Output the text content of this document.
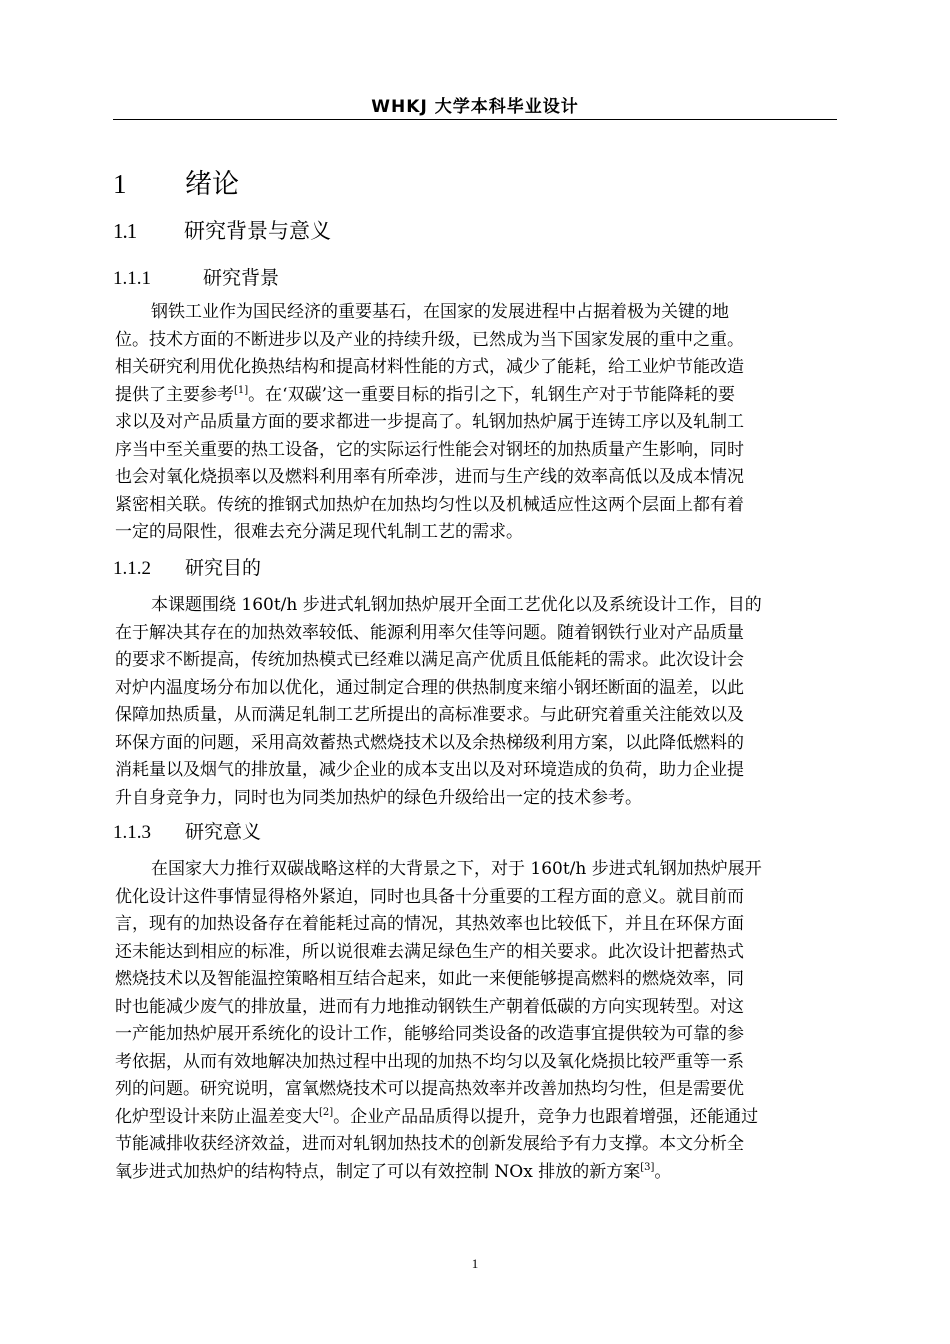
WHKJ 大学本科毕业设计
1 绪论
1.1 研究背景与意义
1.1.1	研究背景
钢铁工业作为国民经济的重要基石，在国家的发展进程中占据着极为关键的地
位。技术方面的不断进步以及产业的持续升级，已然成为当下国家发展的重中之重。
相关研究利用优化换热结构和提高材料性能的方式，减少了能耗，给工业炉节能改造
提供了主要参考[1]。在‘双碳’这一重要目标的指引之下，轧钢生产对于节能降耗的要
求以及对产品质量方面的要求都进一步提高了。轧钢加热炉属于连铸工序以及轧制工
序当中至关重要的热工设备，它的实际运行性能会对钢坯的加热质量产生影响，同时
也会对氧化烧损率以及燃料利用率有所牵涉，进而与生产线的效率高低以及成本情况
紧密相关联。传统的推钢式加热炉在加热均匀性以及机械适应性这两个层面上都有着
一定的局限性，很难去充分满足现代轧制工艺的需求。
1.1.2 研究目的
本课题围绕 160t/h 步进式轧钢加热炉展开全面工艺优化以及系统设计工作，目的
在于解决其存在的加热效率较低、能源利用率欠佳等问题。随着钢铁行业对产品质量
的要求不断提高，传统加热模式已经难以满足高产优质且低能耗的需求。此次设计会
对炉内温度场分布加以优化，通过制定合理的供热制度来缩小钢坯断面的温差，以此
保障加热质量，从而满足轧制工艺所提出的高标准要求。与此研究着重关注能效以及
环保方面的问题，采用高效蓄热式燃烧技术以及余热梯级利用方案，以此降低燃料的
消耗量以及烟气的排放量，减少企业的成本支出以及对环境造成的负荷，助力企业提
升自身竞争力，同时也为同类加热炉的绿色升级给出一定的技术参考。
1.1.3 研究意义
在国家大力推行双碳战略这样的大背景之下，对于 160t/h 步进式轧钢加热炉展开
优化设计这件事情显得格外紧迫，同时也具备十分重要的工程方面的意义。就目前而
言，现有的加热设备存在着能耗过高的情况，其热效率也比较低下，并且在环保方面
还未能达到相应的标准，所以说很难去满足绿色生产的相关要求。此次设计把蓄热式
燃烧技术以及智能温控策略相互结合起来，如此一来便能够提高燃料的燃烧效率，同
时也能减少废气的排放量，进而有力地推动钢铁生产朝着低碳的方向实现转型。对这
一产能加热炉展开系统化的设计工作，能够给同类设备的改造事宜提供较为可靠的参
考依据，从而有效地解决加热过程中出现的加热不均匀以及氧化烧损比较严重等一系
列的问题。研究说明，富氧燃烧技术可以提高热效率并改善加热均匀性，但是需要优
化炉型设计来防止温差变大[2]。企业产品品质得以提升，竞争力也跟着增强，还能通过
节能减排收获经济效益，进而对轧钢加热技术的创新发展给予有力支撑。本文分析全
氧步进式加热炉的结构特点，制定了可以有效控制 NOx 排放的新方案[3]。
1
